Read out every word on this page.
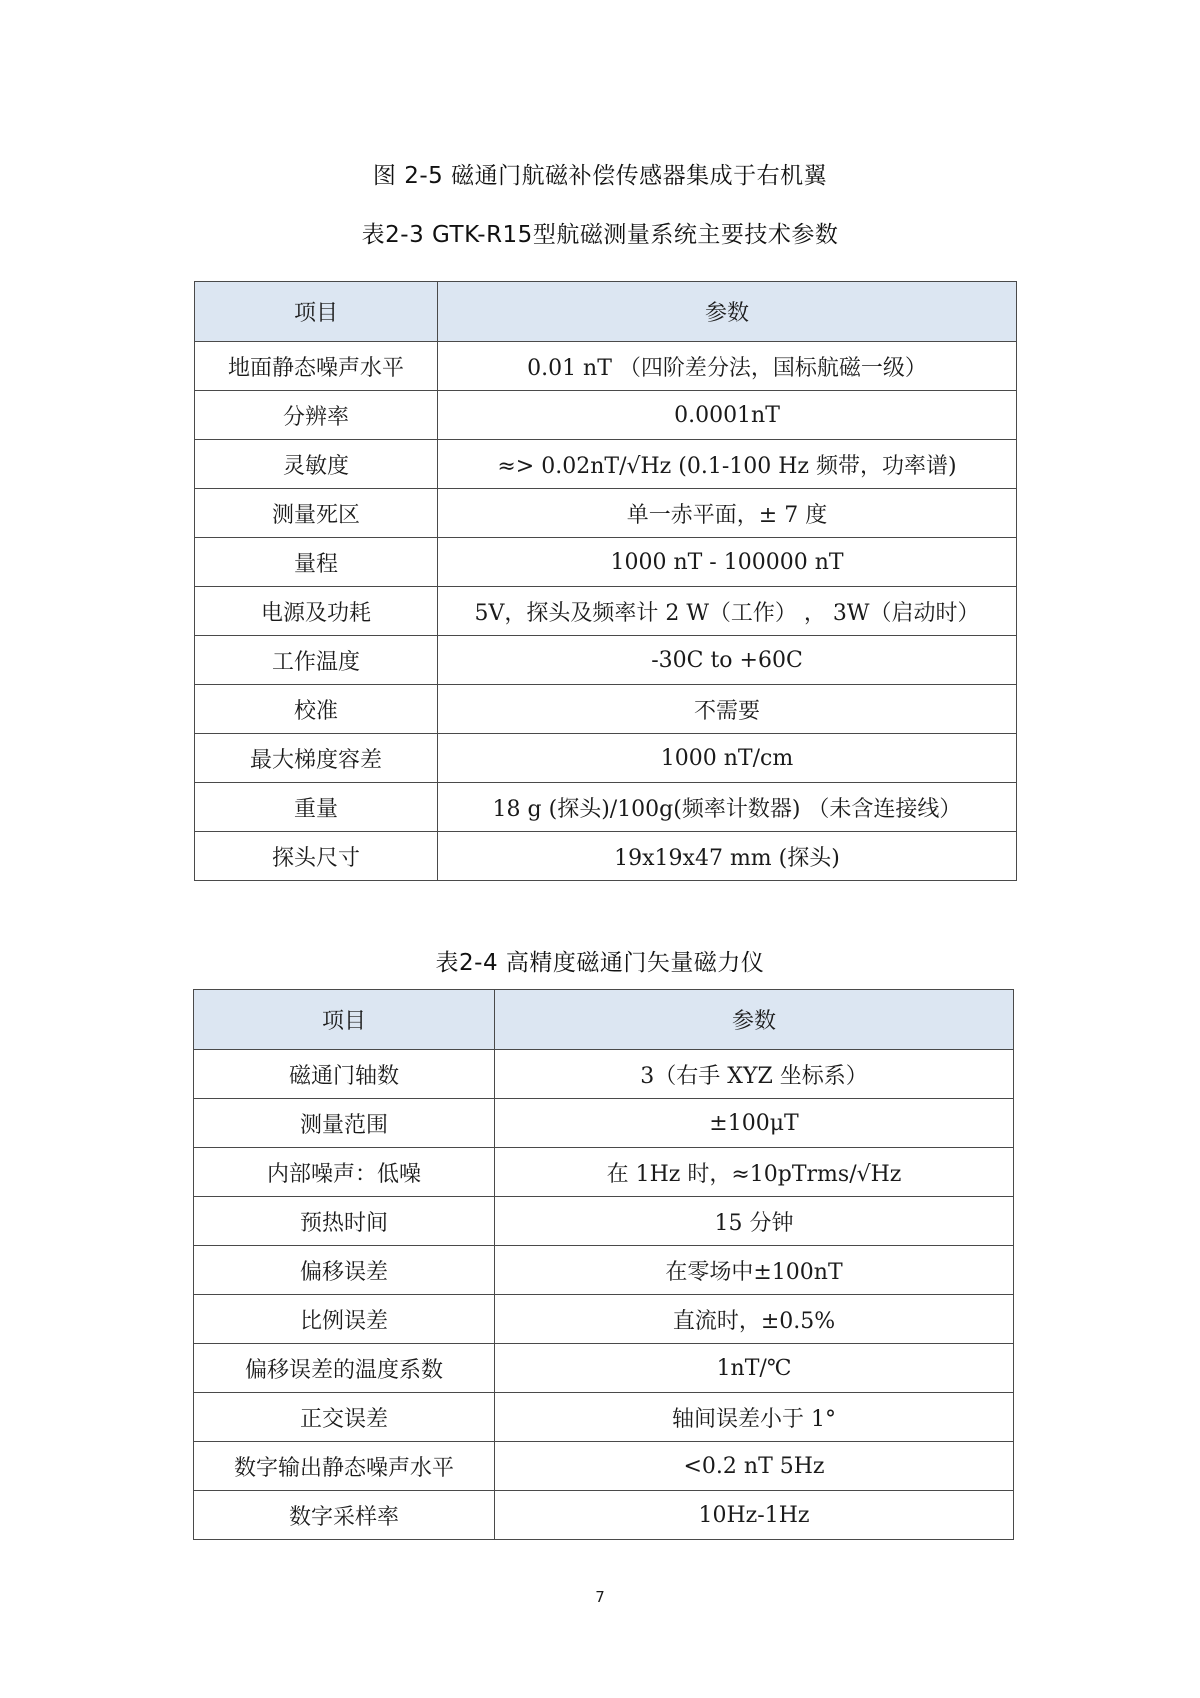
图 2-5 磁通门航磁补偿传感器集成于右机翼
表2-3 GTK-R15型航磁测量系统主要技术参数
项目	参数
地面静态噪声水平	0.01 nT （四阶差分法，国标航磁一级）
分辨率	0.0001nT
灵敏度	≈> 0.02nT/√Hz (0.1-100 Hz 频带，功率谱)
测量死区	单一赤平面，± 7 度
量程	1000 nT - 100000 nT
电源及功耗	5V，探头及频率计 2 W（工作） ， 3W（启动时）
工作温度	-30C to +60C
校准	不需要
最大梯度容差	1000 nT/cm
重量	18 g (探头)/100g(频率计数器) （未含连接线）
探头尺寸	19x19x47 mm (探头)
表2-4 高精度磁通门矢量磁力仪
项目	参数
磁通门轴数	3（右手 XYZ 坐标系）
测量范围	±100μT
内部噪声：低噪	在 1Hz 时，≈10pTrms/√Hz
预热时间	15 分钟
偏移误差	在零场中±100nT
比例误差	直流时，±0.5%
偏移误差的温度系数	1nT/℃
正交误差	轴间误差小于 1°
数字输出静态噪声水平	<0.2 nT 5Hz
数字采样率	10Hz-1Hz
7
